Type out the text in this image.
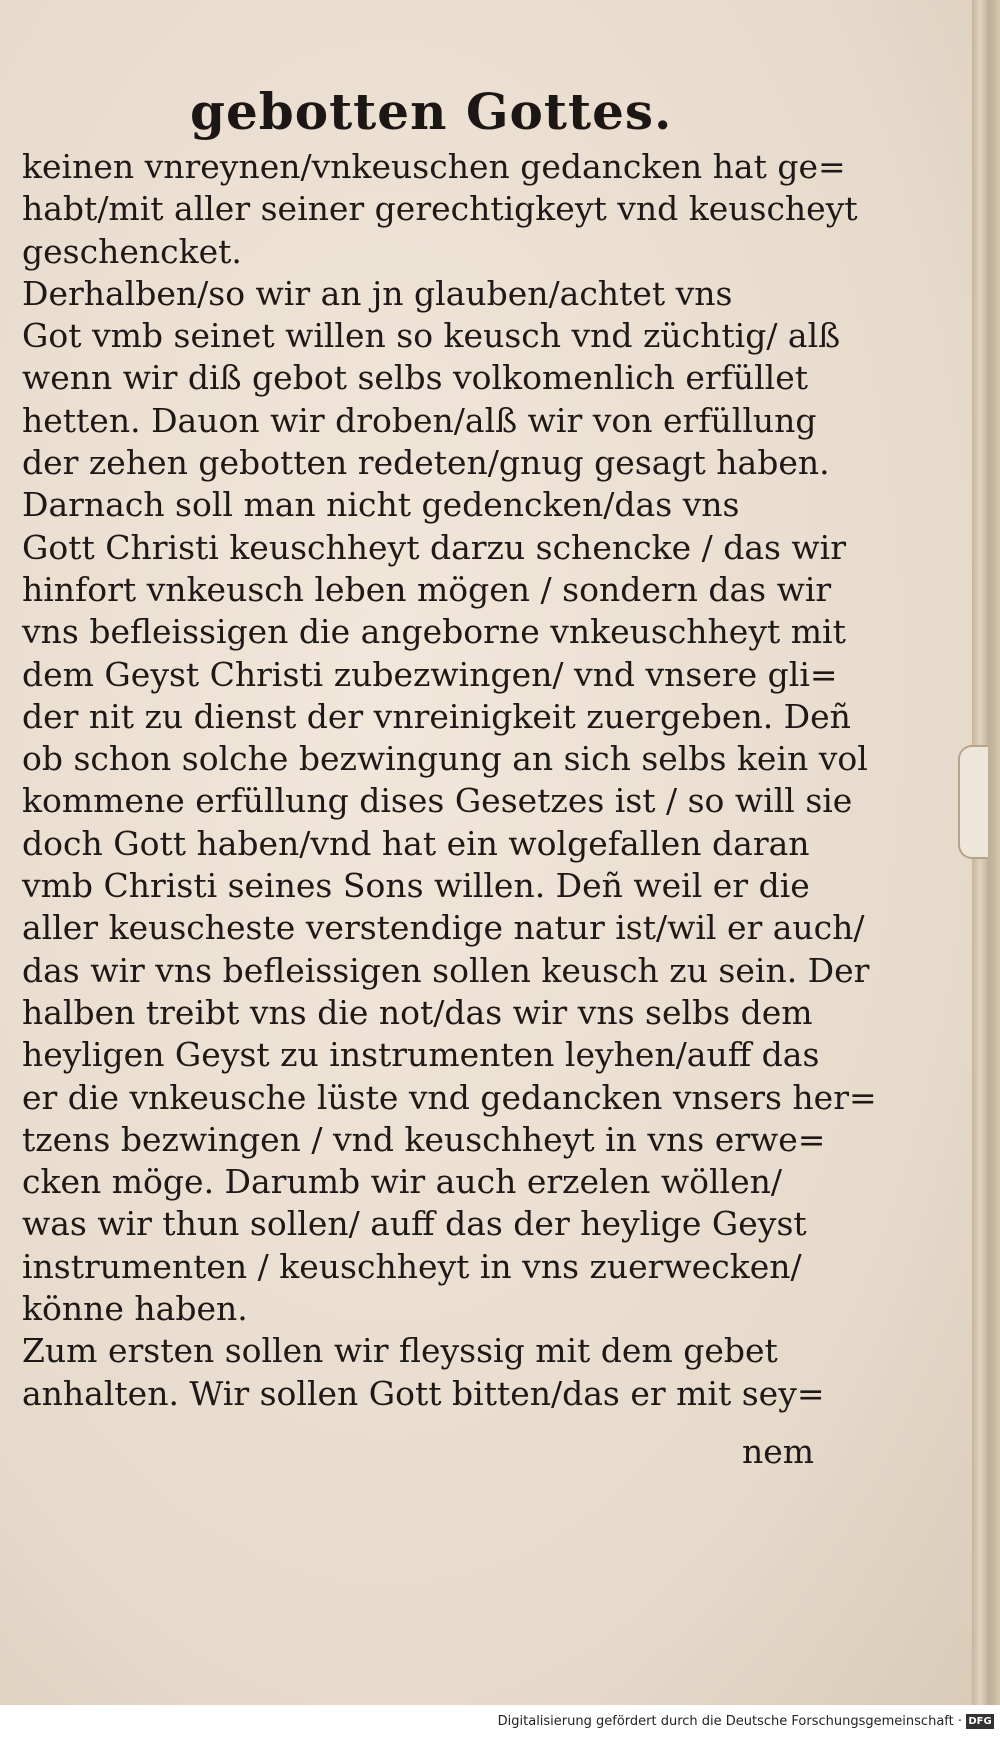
gebotten Gottes.
keinen vnreynen/vnkeuschen gedancken hat ge=
habt/mit aller seiner gerechtigkeyt vnd keuscheyt
geschencket.
Derhalben/so wir an jn glauben/achtet vns
Got vmb seinet willen so keusch vnd züchtig/ alß
wenn wir diß gebot selbs volkomenlich erfüllet
hetten. Dauon wir droben/alß wir von erfüllung
der zehen gebotten redeten/gnug gesagt haben.
Darnach soll man nicht gedencken/das vns
Gott Christi keuschheyt darzu schencke / das wir
hinfort vnkeusch leben mögen / sondern das wir
vns befleissigen die angeborne vnkeuschheyt mit
dem Geyst Christi zubezwingen/ vnd vnsere gli=
der nit zu dienst der vnreinigkeit zuergeben. Deñ
ob schon solche bezwingung an sich selbs kein vol
kommene erfüllung dises Gesetzes ist / so will sie
doch Gott haben/vnd hat ein wolgefallen daran
vmb Christi seines Sons willen. Deñ weil er die
aller keuscheste verstendige natur ist/wil er auch/
das wir vns befleissigen sollen keusch zu sein. Der
halben treibt vns die not/das wir vns selbs dem
heyligen Geyst zu instrumenten leyhen/auff das
er die vnkeusche lüste vnd gedancken vnsers her=
tzens bezwingen / vnd keuschheyt in vns erwe=
cken möge. Darumb wir auch erzelen wöllen/
was wir thun sollen/ auff das der heylige Geyst
instrumenten / keuschheyt in vns zuerwecken/
könne haben.
Zum ersten sollen wir fleyssig mit dem gebet
anhalten. Wir sollen Gott bitten/das er mit sey=
nem
Digitalisierung gefördert durch die Deutsche Forschungsgemeinschaft · DFG
